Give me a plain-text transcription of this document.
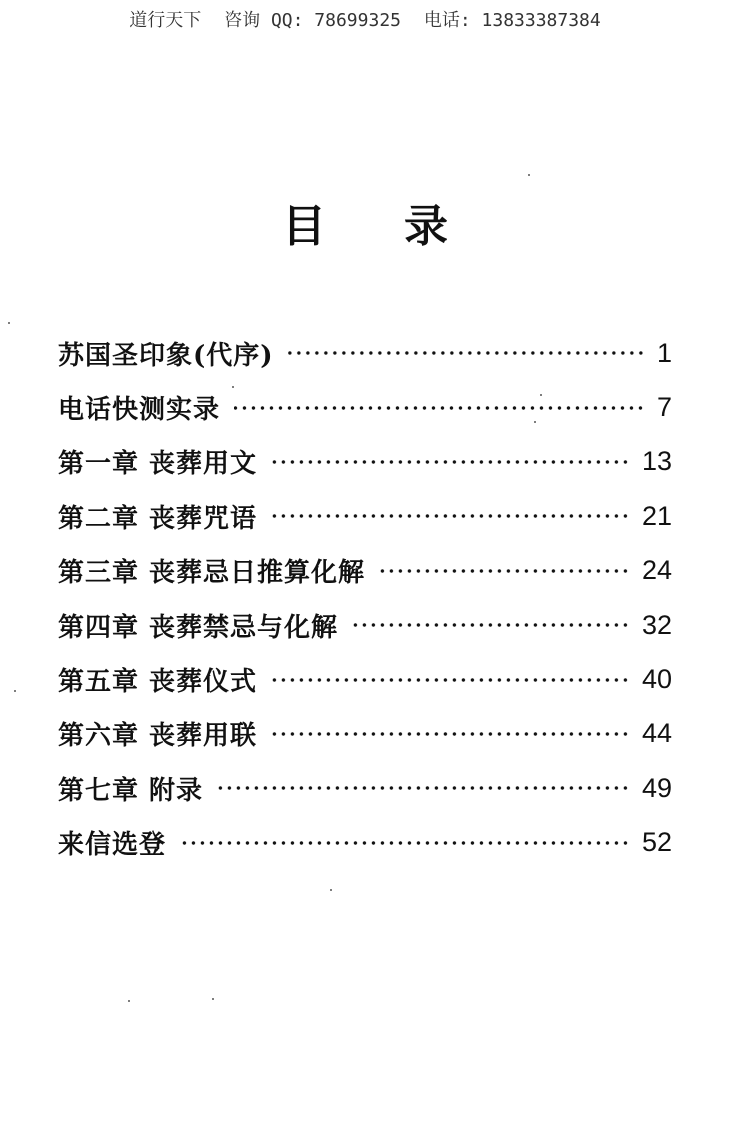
道行天下 咨询 QQ: 78699325 电话: 13833387384
目录
苏国圣印象(代序)	1
电话快测实录	7
第一章 丧葬用文	13
第二章 丧葬咒语	21
第三章 丧葬忌日推算化解	24
第四章 丧葬禁忌与化解	32
第五章 丧葬仪式	40
第六章 丧葬用联	44
第七章 附录	49
来信选登	52
